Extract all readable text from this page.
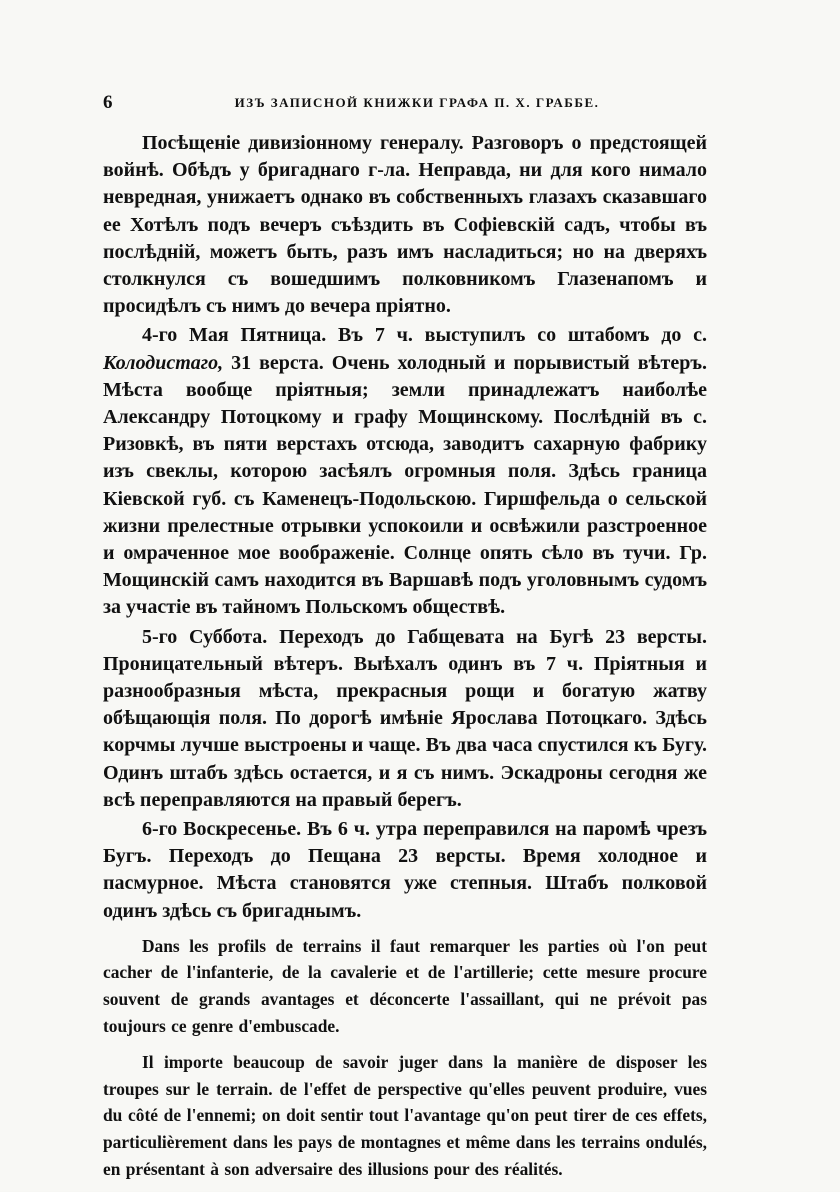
6	ИЗЪ ЗАПИСНОЙ КНИЖКИ ГРАФА П. Х. ГРАББЕ.

Посѣщеніе дивизіонному генералу. Разговоръ о предстоящей войнѣ. Обѣдъ у бригаднаго г-ла. Неправда, ни для кого нимало невредная, унижаетъ однако въ собственныхъ глазахъ сказавшаго ее Хотѣлъ подъ вечеръ съѣздить въ Софіевскій садъ, чтобы въ послѣдній, можетъ быть, разъ имъ насладиться; но на дверяхъ столкнулся съ вошедшимъ полковникомъ Глазенапомъ и просидѣлъ съ нимъ до вечера пріятно.

4-го Мая Пятница. Въ 7 ч. выступилъ со штабомъ до с. Колодистаго, 31 верста. Очень холодный и порывистый вѣтеръ. Мѣста вообще пріятныя; земли принадлежатъ наиболѣе Александру Потоцкому и графу Мощинскому. Послѣдній въ с. Ризовкѣ, въ пяти верстахъ отсюда, заводитъ сахарную фабрику изъ свеклы, которою засѣялъ огромныя поля. Здѣсь граница Кіевской губ. съ Каменецъ-Подольскою. Гиршфельда о сельской жизни прелестные отрывки успокоили и освѣжили разстроенное и омраченное мое воображеніе. Солнце опять сѣло въ тучи. Гр. Мощинскій самъ находится въ Варшавѣ подъ уголовнымъ судомъ за участіе въ тайномъ Польскомъ обществѣ.

5-го Суббота. Переходъ до Габщевата на Бугѣ 23 версты. Проницательный вѣтеръ. Выѣхалъ одинъ въ 7 ч. Пріятныя и разнообразныя мѣста, прекрасныя рощи и богатую жатву обѣщающія поля. По дорогѣ имѣніе Ярослава Потоцкаго. Здѣсь корчмы лучше выстроены и чаще. Въ два часа спустился къ Бугу. Одинъ штабъ здѣсь остается, и я съ нимъ. Эскадроны сегодня же всѣ переправляются на правый берегъ.

6-го Воскресенье. Въ 6 ч. утра переправился на паромѣ чрезъ Бугъ. Переходъ до Пещана 23 версты. Время холодное и пасмурное. Мѣста становятся уже степныя. Штабъ полковой одинъ здѣсь съ бригаднымъ.

Dans les profils de terrains il faut remarquer les parties où l'on peut cacher de l'infanterie, de la cavalerie et de l'artillerie; cette mesure procure souvent de grands avantages et déconcerte l'assaillant, qui ne prévoit pas toujours ce genre d'embuscade.

Il importe beaucoup de savoir juger dans la manière de disposer les troupes sur le terrain. de l'effet de perspective qu'elles peuvent produire, vues du côté de l'ennemi; on doit sentir tout l'avantage qu'on peut tirer de ces effets, particulièrement dans les pays de montagnes et même dans les terrains ondulés, en présentant à son adversaire des illusions pour des réalités.
